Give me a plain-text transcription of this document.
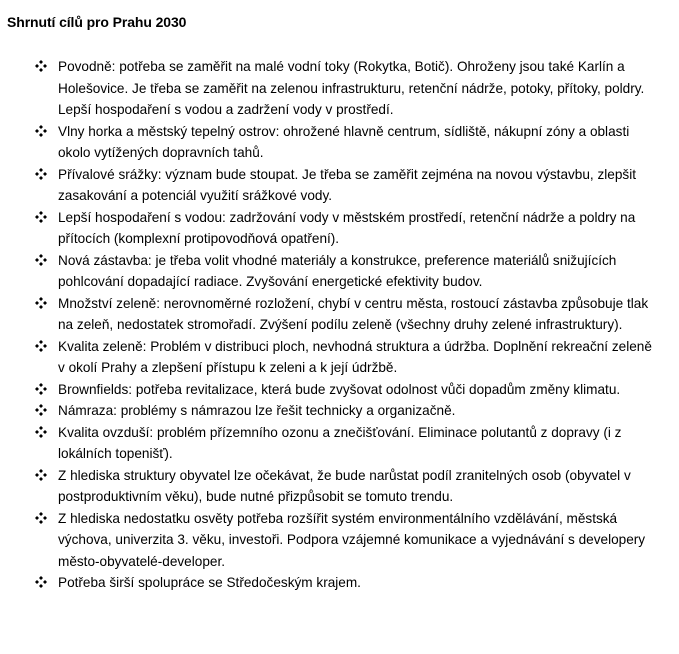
Shrnutí cílů pro Prahu 2030
Povodně: potřeba se zaměřit na malé vodní toky (Rokytka, Botič). Ohroženy jsou také Karlín a Holešovice. Je třeba se zaměřit na zelenou infrastrukturu, retenční nádrže, potoky, přítoky, poldry. Lepší hospodaření s vodou a zadržení vody v prostředí.
Vlny horka a městský tepelný ostrov: ohrožené hlavně centrum, sídliště, nákupní zóny a oblasti okolo vytížených dopravních tahů.
Přívalové srážky: význam bude stoupat. Je třeba se zaměřit zejména na novou výstavbu, zlepšit zasakování a potenciál využití srážkové vody.
Lepší hospodaření s vodou: zadržování vody v městském prostředí, retenční nádrže a poldry na přítocích (komplexní protipovodňová opatření).
Nová zástavba: je třeba volit vhodné materiály a konstrukce, preference materiálů snižujících pohlcování dopadající radiace. Zvyšování energetické efektivity budov.
Množství zeleně: nerovnoměrné rozložení, chybí v centru města, rostoucí zástavba způsobuje tlak na zeleň, nedostatek stromořadí. Zvýšení podílu zeleně (všechny druhy zelené infrastruktury).
Kvalita zeleně: Problém v distribuci ploch, nevhodná struktura a údržba. Doplnění rekreační zeleně v okolí Prahy a zlepšení přístupu k zeleni a k její údržbě.
Brownfields: potřeba revitalizace, která bude zvyšovat odolnost vůči dopadům změny klimatu.
Námraza: problémy s námrazou lze řešit technicky a organizačně.
Kvalita ovzduší: problém přízemního ozonu a znečišťování. Eliminace polutantů z dopravy (i z lokálních topenišť).
Z hlediska struktury obyvatel lze očekávat, že bude narůstat podíl zranitelných osob (obyvatel v postproduktivním věku), bude nutné přizpůsobit se tomuto trendu.
Z hlediska nedostatku osvěty potřeba rozšířit systém environmentálního vzdělávání, městská výchova, univerzita 3. věku, investoři. Podpora vzájemné komunikace a vyjednávání s developery město-obyvatelé-developer.
Potřeba širší spolupráce se Středočeským krajem.
